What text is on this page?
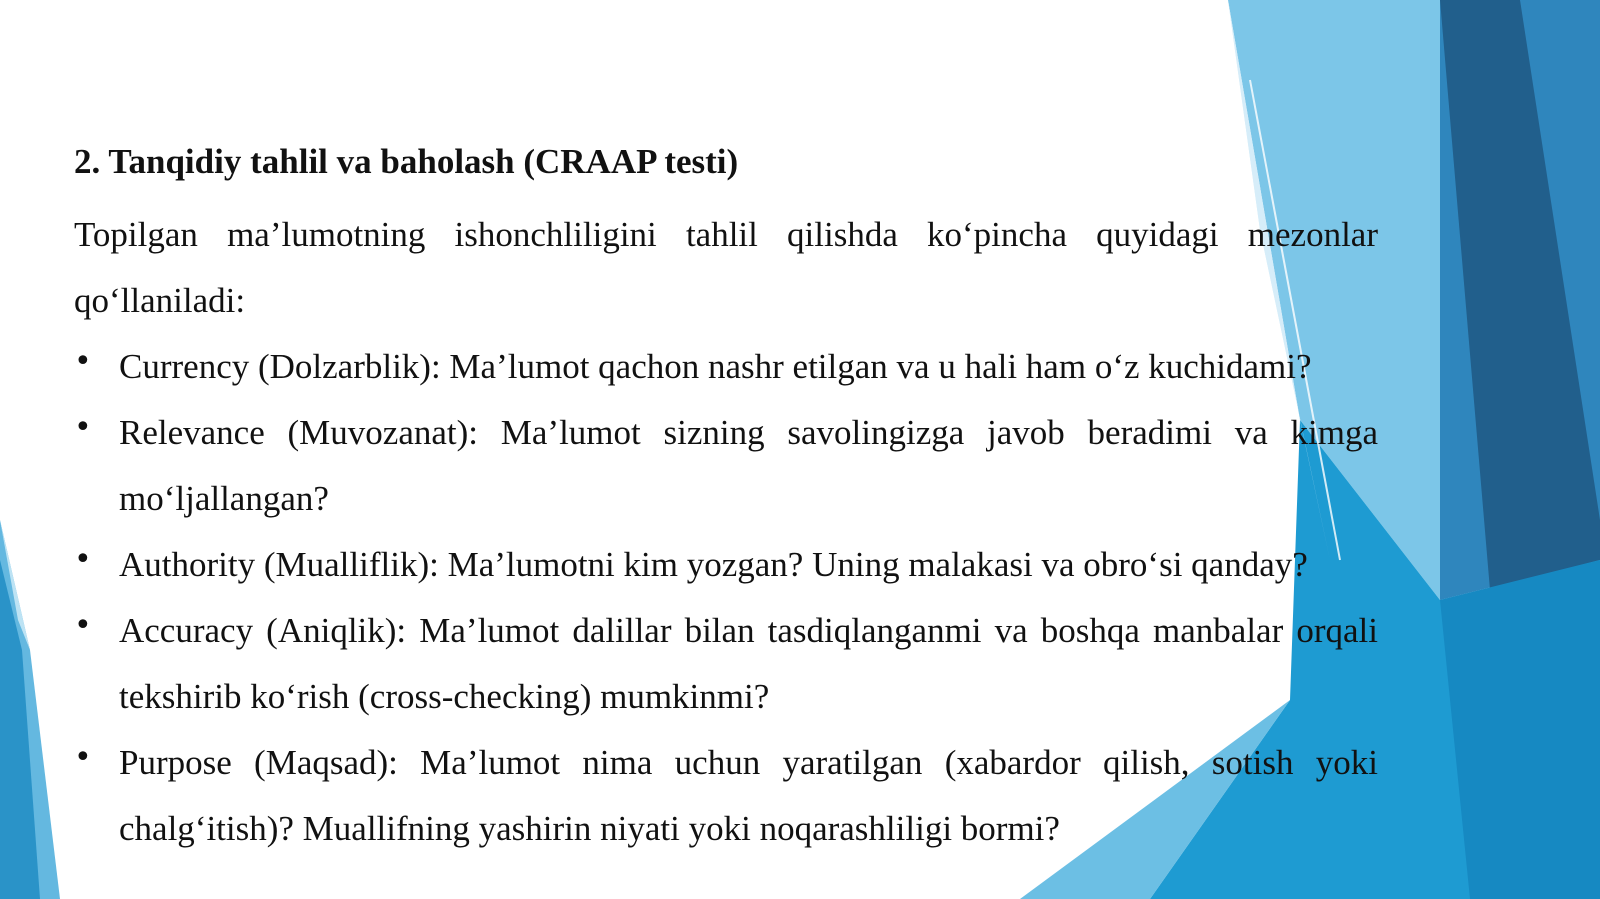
2. Tanqidiy tahlil va baholash (CRAAP testi)

Topilgan ma’lumotning ishonchliligini tahlil qilishda ko‘pincha quyidagi mezonlar qo‘llaniladi:

• Currency (Dolzarblik): Ma’lumot qachon nashr etilgan va u hali ham o‘z kuchidami?
• Relevance (Muvozanat): Ma’lumot sizning savolingizga javob beradimi va kimga mo‘ljallangan?
• Authority (Mualliflik): Ma’lumotni kim yozgan? Uning malakasi va obro‘si qanday?
• Accuracy (Aniqlik): Ma’lumot dalillar bilan tasdiqlanganmi va boshqa manbalar orqali tekshirib ko‘rish (cross-checking) mumkinmi?
• Purpose (Maqsad): Ma’lumot nima uchun yaratilgan (xabardor qilish, sotish yoki chalg‘itish)? Muallifning yashirin niyati yoki noqarashliligi bormi?
